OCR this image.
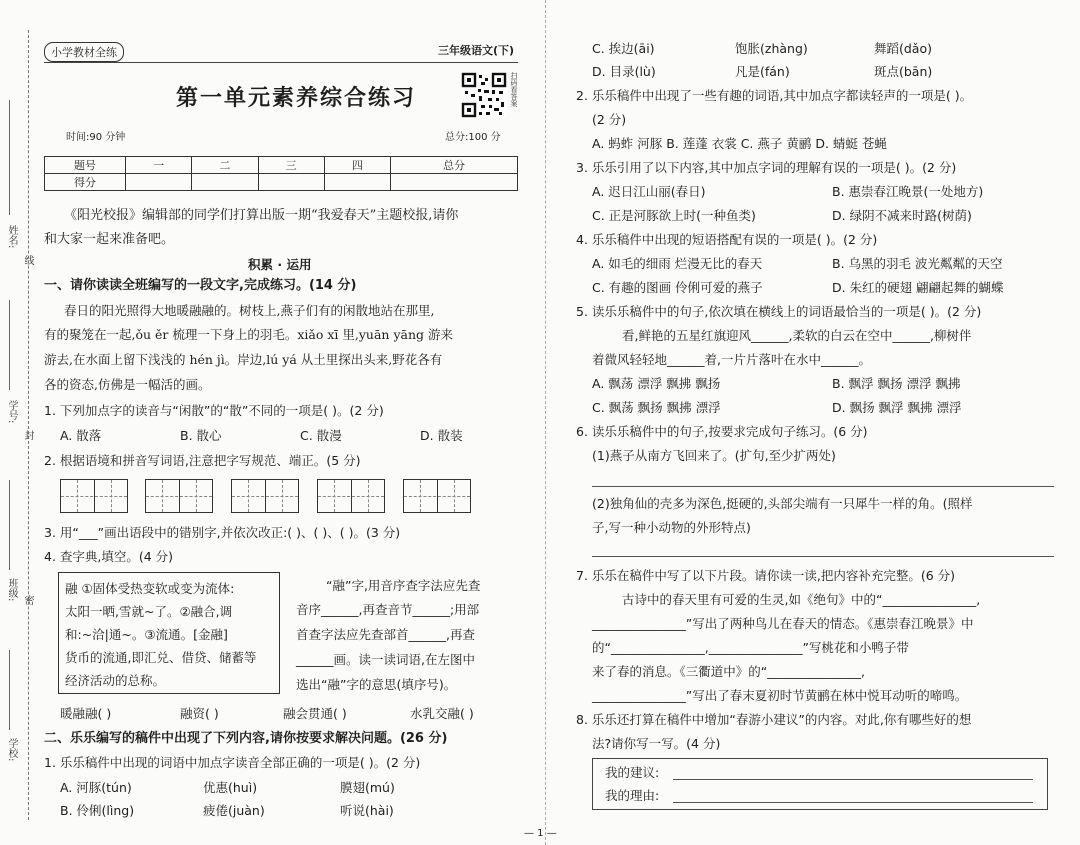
姓名:
线
学号:
封
班级: 密
学校:
小学教材全练	三年级语文(下)
第一单元素养综合练习	扫码看答案
时间:90 分钟	总分:100 分
题号	一	二	三	四	总分
得分					
《阳光校报》编辑部的同学们打算出版一期“我爱春天”主题校报,请你
和大家一起来准备吧。
积累 · 运用
一、请你读读全班编写的一段文字,完成练习。(14 分)
春日的阳光照得大地暖融融的。树枝上,燕子们有的闲散地站在那里,
有的聚笼在一起,ǒu ěr 梳理一下身上的羽毛。xiǎo xī 里,yuān yāng 游来
游去,在水面上留下浅浅的 hén jì。岸边,lú yá 从土里探出头来,野花各有
各的资态,仿佛是一幅活的画。
1. 下列加点字的读音与“闲散”的“散”不同的一项是( )。(2 分)
A. 散落	B. 散心	C. 散漫	D. 散装
2. 根据语境和拼音写词语,注意把字写规范、端正。(5 分)
3. 用“___”画出语段中的错别字,并依次改正:( )、( )、( )。(3 分)
4. 查字典,填空。(4 分)
融 ①固体受热变软或变为流体:
太阳一晒,雪就~了。②融合,调
和:~洽|通~。③流通。[金融]
货币的流通,即汇兑、借贷、储蓄等
经济活动的总称。
“融”字,用音序查字法应先查
音序______,再查音节______;用部
首查字法应先查部首______,再查
______画。读一读词语,在左图中
选出“融”字的意思(填序号)。
暖融融( )	融资( )	融会贯通( )	水乳交融( )
二、乐乐编写的稿件中出现了下列内容,请你按要求解决问题。(26 分)
1. 乐乐稿件中出现的词语中加点字读音全部正确的一项是( )。(2 分)
A. 河豚(tún)	优惠(huì)	膜翅(mú)
B. 伶俐(lìng)	疲倦(juàn)	听说(hài)
— 1 —
C. 挨边(āi)	饱胀(zhàng)	舞蹈(dǎo)
D. 目录(lù)	凡是(fán)	斑点(bān)
2. 乐乐稿件中出现了一些有趣的词语,其中加点字都读轻声的一项是( )。
(2 分)
A. 蚂蚱 河豚 B. 莲蓬 衣裳 C. 燕子 黄鹂 D. 蜻蜓 苍蝇
3. 乐乐引用了以下内容,其中加点字词的理解有误的一项是( )。(2 分)
A. 迟日江山丽(春日)	B. 惠崇春江晚景(一处地方)
C. 正是河豚欲上时(一种鱼类)	D. 绿阴不减来时路(树荫)
4. 乐乐稿件中出现的短语搭配有误的一项是( )。(2 分)
A. 如毛的细雨 烂漫无比的春天	B. 乌黑的羽毛 波光粼粼的天空
C. 有趣的图画 伶俐可爱的燕子	D. 朱红的硬翅 翩翩起舞的蝴蝶
5. 读乐乐稿件中的句子,依次填在横线上的词语最恰当的一项是( )。(2 分)
看,鲜艳的五星红旗迎风______,柔软的白云在空中______,柳树伴
着微风轻轻地______着,一片片落叶在水中______。
A. 飘荡 漂浮 飘拂 飘扬	B. 飘浮 飘扬 漂浮 飘拂
C. 飘荡 飘扬 飘拂 漂浮	D. 飘扬 飘浮 飘拂 漂浮
6. 读乐乐稿件中的句子,按要求完成句子练习。(6 分)
(1)燕子从南方飞回来了。(扩句,至少扩两处)
(2)独角仙的壳多为深色,挺硬的,头部尖端有一只犀牛一样的角。(照样
子,写一种小动物的外形特点)
7. 乐乐在稿件中写了以下片段。请你读一读,把内容补充完整。(6 分)
古诗中的春天里有可爱的生灵,如《绝句》中的“_______________,
_______________”写出了两种鸟儿在春天的情态。《惠崇春江晚景》中
的“_______________,_______________”写桃花和小鸭子带
来了春的消息。《三衢道中》的“_______________,
_______________”写出了春末夏初时节黄鹂在林中悦耳动听的啼鸣。
8. 乐乐还打算在稿件中增加“春游小建议”的内容。对此,你有哪些好的想
法?请你写一写。(4 分)
我的建议:
我的理由:
